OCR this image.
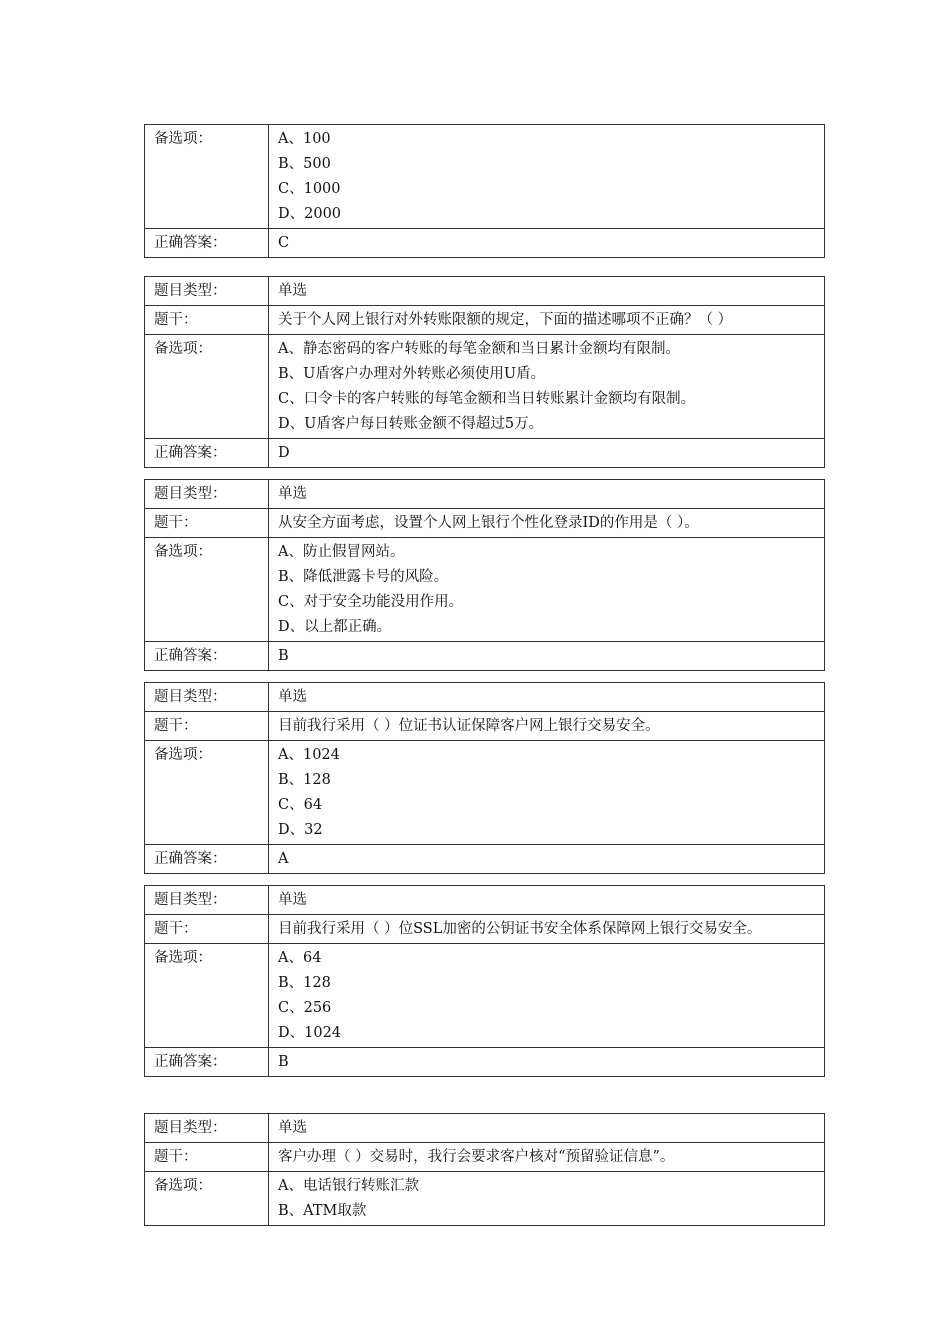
备选项：	A、100
B、500
C、1000
D、2000

正确答案：	C
题目类型：	单选
题干：	关于个人网上银行对外转账限额的规定，下面的描述哪项不正确？（ ）
备选项：	A、静态密码的客户转账的每笔金额和当日累计金额均有限制。
B、U盾客户办理对外转账必须使用U盾。
C、口令卡的客户转账的每笔金额和当日转账累计金额均有限制。
D、U盾客户每日转账金额不得超过5万。

正确答案：	D
题目类型：	单选
题干：	从安全方面考虑，设置个人网上银行个性化登录ID的作用是（ ）。
备选项：	A、防止假冒网站。
B、降低泄露卡号的风险。
C、对于安全功能没用作用。
D、以上都正确。

正确答案：	B
题目类型：	单选
题干：	目前我行采用（ ）位证书认证保障客户网上银行交易安全。
备选项：	A、1024
B、128
C、64
D、32

正确答案：	A
题目类型：	单选
题干：	目前我行采用（ ）位SSL加密的公钥证书安全体系保障网上银行交易安全。
备选项：	A、64
B、128
C、256
D、1024

正确答案：	B
题目类型：	单选
题干：	客户办理（ ）交易时，我行会要求客户核对“预留验证信息”。
备选项：	A、电话银行转账汇款
B、ATM取款
